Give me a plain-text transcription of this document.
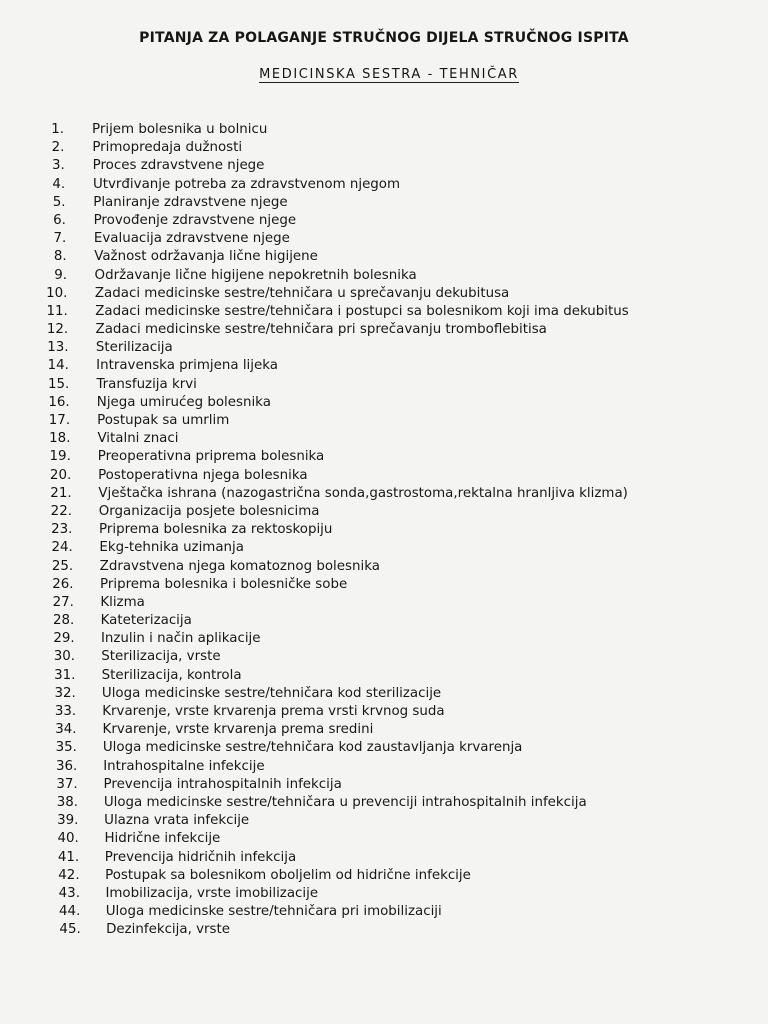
PITANJA ZA POLAGANJE STRUČNOG DIJELA STRUČNOG ISPITA
MEDICINSKA SESTRA - TEHNIČAR
1. Prijem bolesnika u bolnicu
2. Primopredaja dužnosti
3. Proces zdravstvene njege
4. Utvrđivanje potreba za zdravstvenom njegom
5. Planiranje zdravstvene njege
6. Provođenje zdravstvene njege
7. Evaluacija zdravstvene njege
8. Važnost održavanja lične higijene
9. Održavanje lične higijene nepokretnih bolesnika
10. Zadaci medicinske sestre/tehničara u sprečavanju dekubitusa
11. Zadaci medicinske sestre/tehničara i postupci sa bolesnikom koji ima dekubitus
12. Zadaci medicinske sestre/tehničara pri sprečavanju tromboflebitisa
13. Sterilizacija
14. Intravenska primjena lijeka
15. Transfuzija krvi
16. Njega umirućeg bolesnika
17. Postupak sa umrlim
18. Vitalni znaci
19. Preoperativna priprema bolesnika
20. Postoperativna njega bolesnika
21. Vještačka ishrana (nazogastrična sonda,gastrostoma,rektalna hranljiva klizma)
22. Organizacija posjete bolesnicima
23. Priprema bolesnika za rektoskopiju
24. Ekg-tehnika uzimanja
25. Zdravstvena njega komatoznog bolesnika
26. Priprema bolesnika i bolesničke sobe
27. Klizma
28. Kateterizacija
29. Inzulin i način aplikacije
30. Sterilizacija, vrste
31. Sterilizacija, kontrola
32. Uloga medicinske sestre/tehničara kod sterilizacije
33. Krvarenje, vrste krvarenja prema vrsti krvnog suda
34. Krvarenje, vrste krvarenja prema sredini
35. Uloga medicinske sestre/tehničara kod zaustavljanja krvarenja
36. Intrahospitalne infekcije
37. Prevencija intrahospitalnih infekcija
38. Uloga medicinske sestre/tehničara u prevenciji intrahospitalnih infekcija
39. Ulazna vrata infekcije
40. Hidrične infekcije
41. Prevencija hidričnih infekcija
42. Postupak sa bolesnikom oboljelim od hidrične infekcije
43. Imobilizacija, vrste imobilizacije
44. Uloga medicinske sestre/tehničara pri imobilizaciji
45. Dezinfekcija, vrste
